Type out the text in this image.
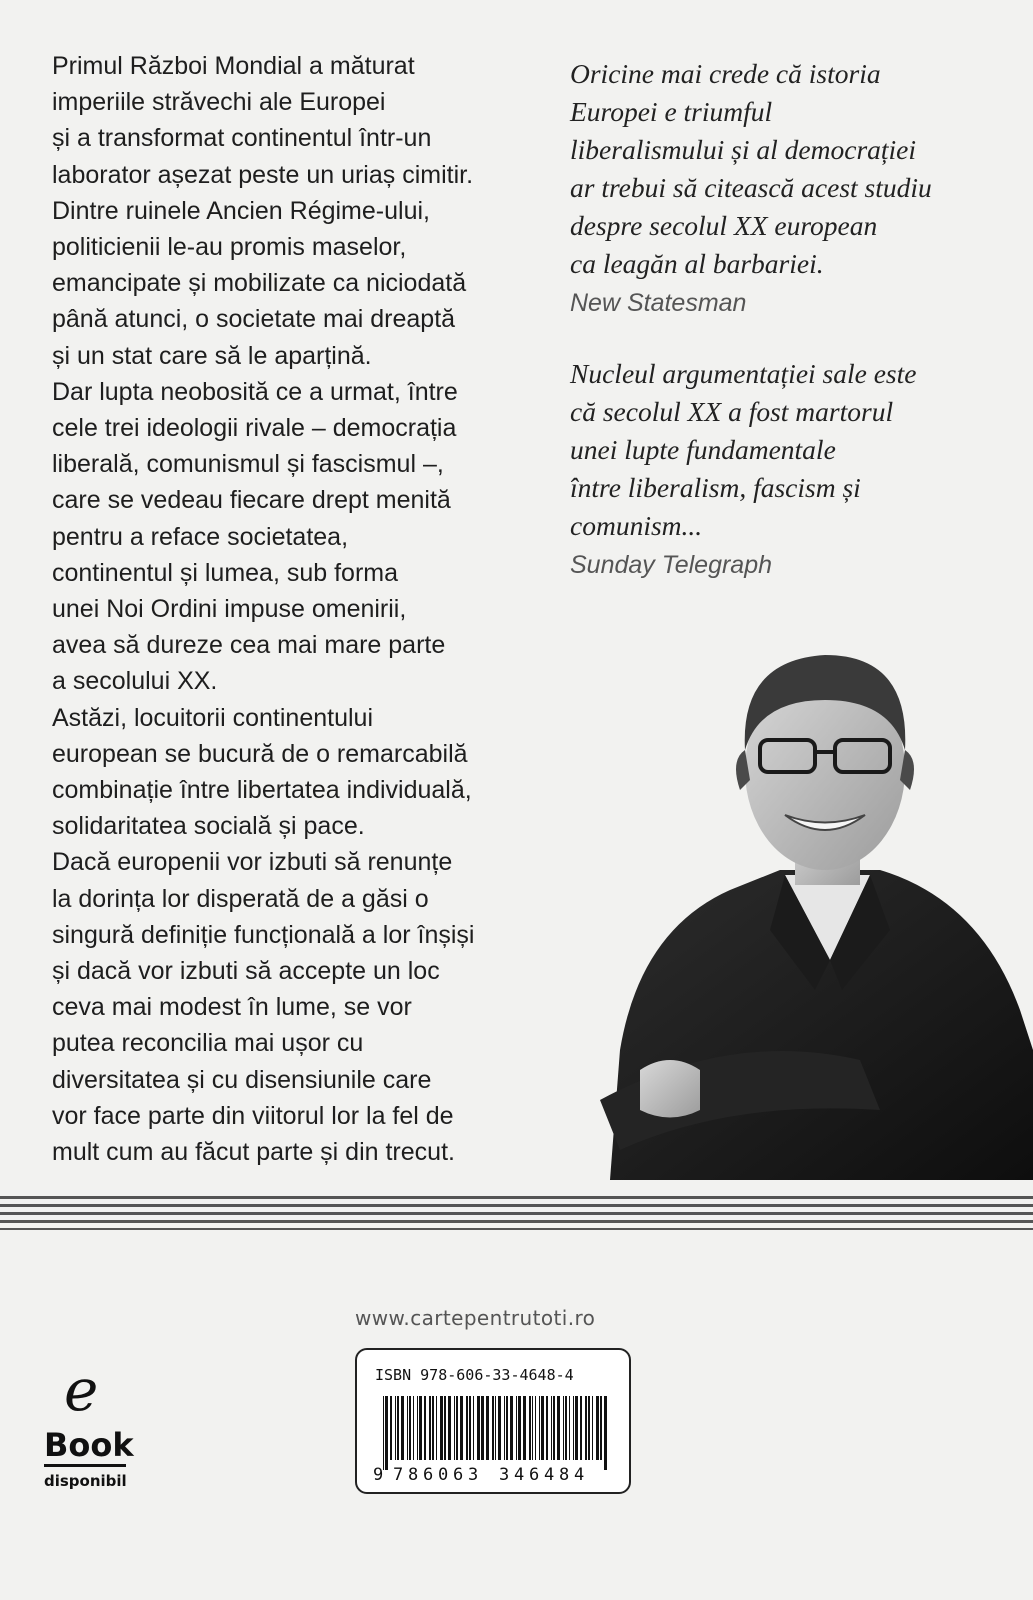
Primul Război Mondial a măturat
imperiile străvechi ale Europei
și a transformat continentul într-un
laborator așezat peste un uriaș cimitir.
Dintre ruinele Ancien Régime-ului,
politicienii le-au promis maselor,
emancipate și mobilizate ca niciodată
până atunci, o societate mai dreaptă
și un stat care să le aparțină.
Dar lupta neobosită ce a urmat, între
cele trei ideologii rivale – democrația
liberală, comunismul și fascismul –,
care se vedeau fiecare drept menită
pentru a reface societatea,
continentul și lumea, sub forma
unei Noi Ordini impuse omenirii,
avea să dureze cea mai mare parte
a secolului XX.
Astăzi, locuitorii continentului
european se bucură de o remarcabilă
combinație între libertatea individuală,
solidaritatea socială și pace.
Dacă europenii vor izbuti să renunțe
la dorința lor disperată de a găsi o
singură definiție funcțională a lor înșiși
și dacă vor izbuti să accepte un loc
ceva mai modest în lume, se vor
putea reconcilia mai ușor cu
diversitatea și cu disensiunile care
vor face parte din viitorul lor la fel de
mult cum au făcut parte și din trecut.
Oricine mai crede că istoria
Europei e triumful
liberalismului și al democrației
ar trebui să citească acest studiu
despre secolul XX european
ca leagăn al barbariei.
New Statesman
Nucleul argumentației sale este
că secolul XX a fost martorul
unei lupte fundamentale
între liberalism, fascism și
comunism...
Sunday Telegraph
www.cartepentrutoti.ro
ISBN 978-606-33-4648-4
9 7 8 6 0 6 3 3 4 6 4 8 4
e
Book
disponibil
